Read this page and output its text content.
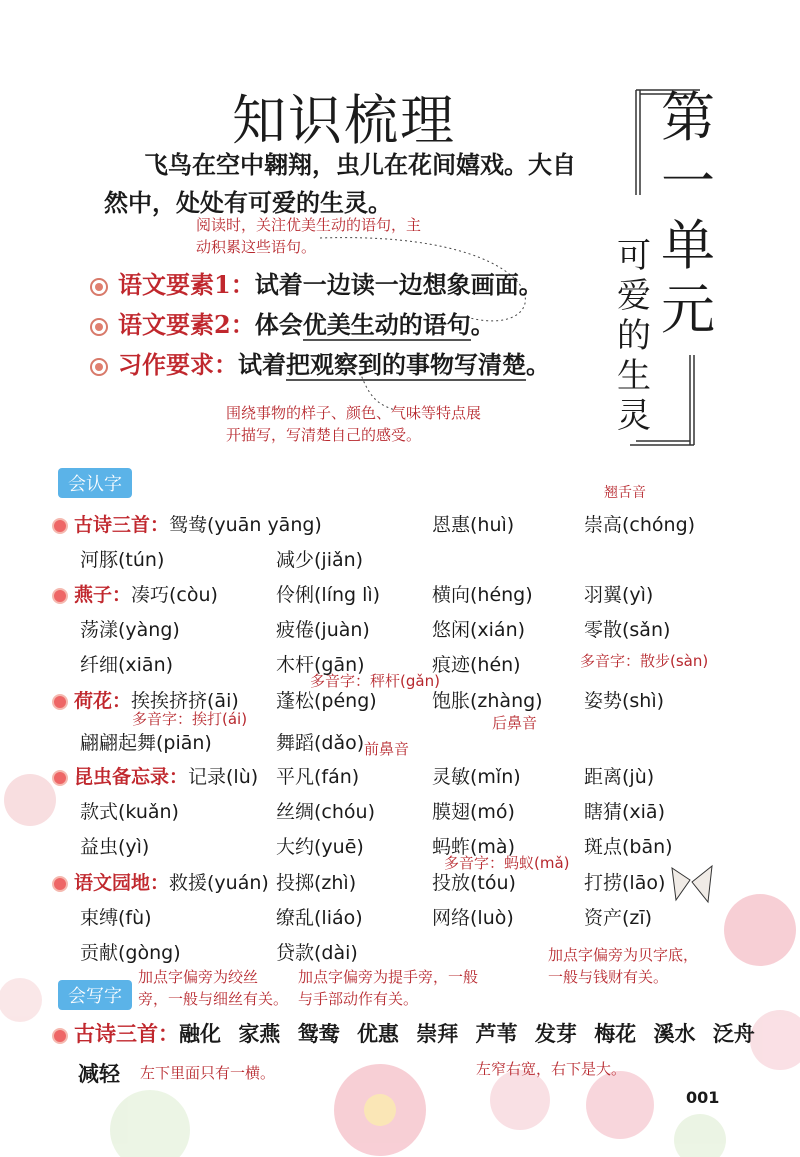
知识梳理
飞鸟在空中翱翔，虫儿在花间嬉戏。大自然中，处处有可爱的生灵。
阅读时，关注优美生动的语句，主
动积累这些语句。
语文要素1：试着一边读一边想象画面。
语文要素2：体会优美生动的语句。
习作要求：试着把观察到的事物写清楚。
围绕事物的样子、颜色、气味等特点展
开描写，写清楚自己的感受。
第一单元
可爱的生灵
会认字
古诗三首：鸳鸯(yuān yāng)	恩惠(huì)	崇高(chóng)
翘舌音
河豚(tún)	减少(jiǎn)
燕子：凑巧(còu)	伶俐(líng lì)	横向(héng)	羽翼(yì)
荡漾(yàng)	疲倦(juàn)	悠闲(xián)	零散(sǎn)
纤细(xiān)	木杆(gān)	痕迹(hén)	多音字：散步(sàn)
多音字：秤杆(gǎn)
荷花：挨挨挤挤(āi) 蓬松(péng)	饱胀(zhàng) 姿势(shì)
多音字：挨打(ái)	后鼻音
翩翩起舞(piān)	舞蹈(dǎo) 前鼻音
昆虫备忘录：记录(lù) 平凡(fán)	灵敏(mǐn)	距离(jù)
款式(kuǎn)	丝绸(chóu)	膜翅(mó)	瞎猜(xiā)
益虫(yì)	大约(yuē)	蚂蚱(mà)	斑点(bān)
多音字：蚂蚁(mǎ)
语文园地：救援(yuán) 投掷(zhì)	投放(tóu)	打捞(lāo)
束缚(fù)	缭乱(liáo)	网络(luò)	资产(zī)
贡献(gòng)	贷款(dài)	加点字偏旁为贝字底，
一般与钱财有关。
会写字
加点字偏旁为绞丝
旁，一般与细丝有关。
加点字偏旁为提手旁，一般
与手部动作有关。
古诗三首：融化 家燕 鸳鸯 优惠 崇拜 芦苇 发芽 梅花 溪水 泛舟
减轻 左下里面只有一横。	左窄右宽，右下是大。
001
